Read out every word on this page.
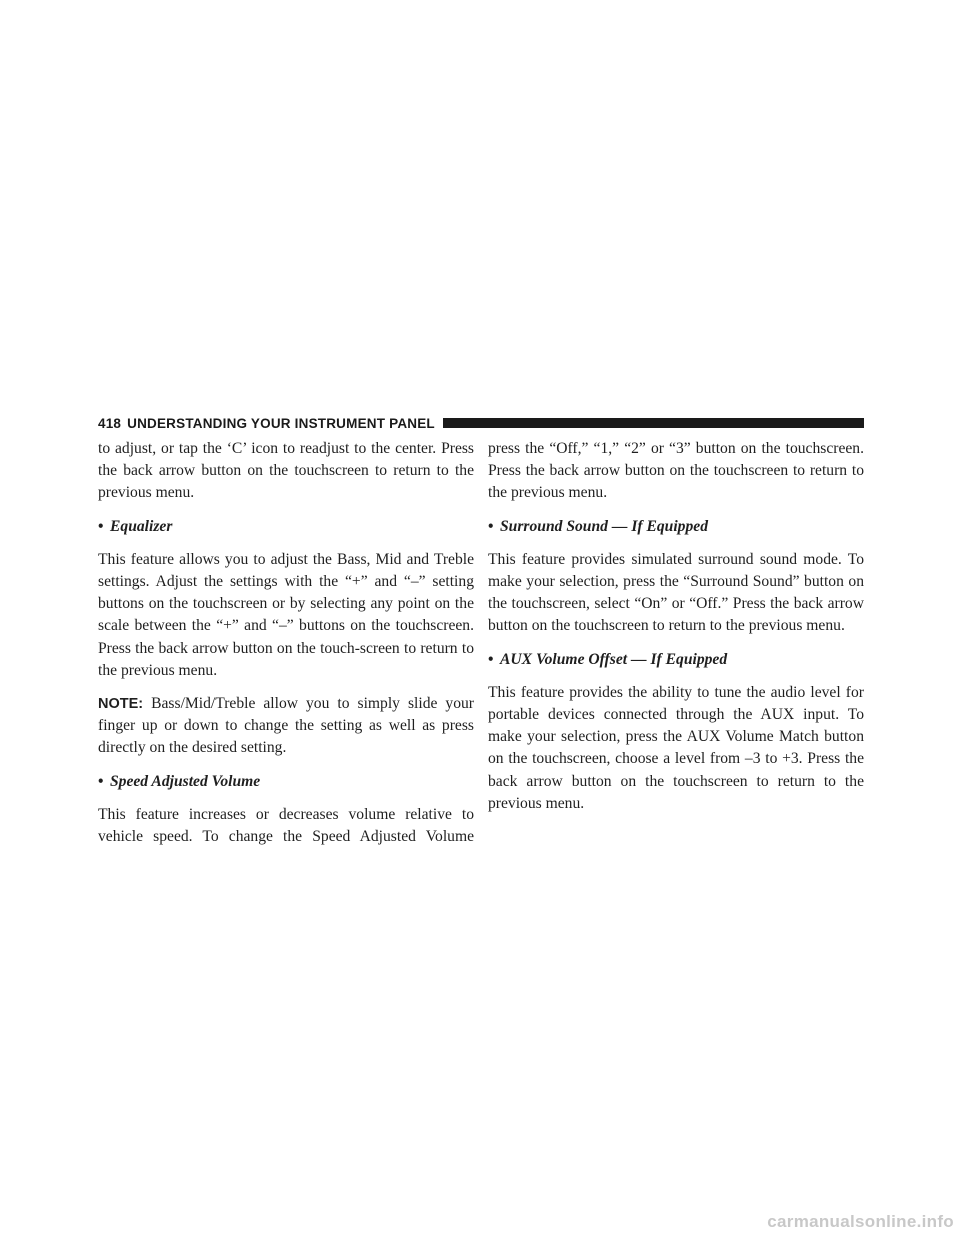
418 UNDERSTANDING YOUR INSTRUMENT PANEL

to adjust, or tap the ‘C’ icon to readjust to the center. Press the back arrow button on the touchscreen to return to the previous menu.

• Equalizer

This feature allows you to adjust the Bass, Mid and Treble settings. Adjust the settings with the “+” and “–” setting buttons on the touchscreen or by selecting any point on the scale between the “+” and “–” buttons on the touchscreen. Press the back arrow button on the touch-screen to return to the previous menu.

NOTE: Bass/Mid/Treble allow you to simply slide your finger up or down to change the setting as well as press directly on the desired setting.

• Speed Adjusted Volume

This feature increases or decreases volume relative to vehicle speed. To change the Speed Adjusted Volume

press the “Off,” “1,” “2” or “3” button on the touchscreen. Press the back arrow button on the touchscreen to return to the previous menu.

• Surround Sound — If Equipped

This feature provides simulated surround sound mode. To make your selection, press the “Surround Sound” button on the touchscreen, select “On” or “Off.” Press the back arrow button on the touchscreen to return to the previous menu.

• AUX Volume Offset — If Equipped

This feature provides the ability to tune the audio level for portable devices connected through the AUX input. To make your selection, press the AUX Volume Match button on the touchscreen, choose a level from –3 to +3. Press the back arrow button on the touchscreen to return to the previous menu.

carmanualsonline.info
